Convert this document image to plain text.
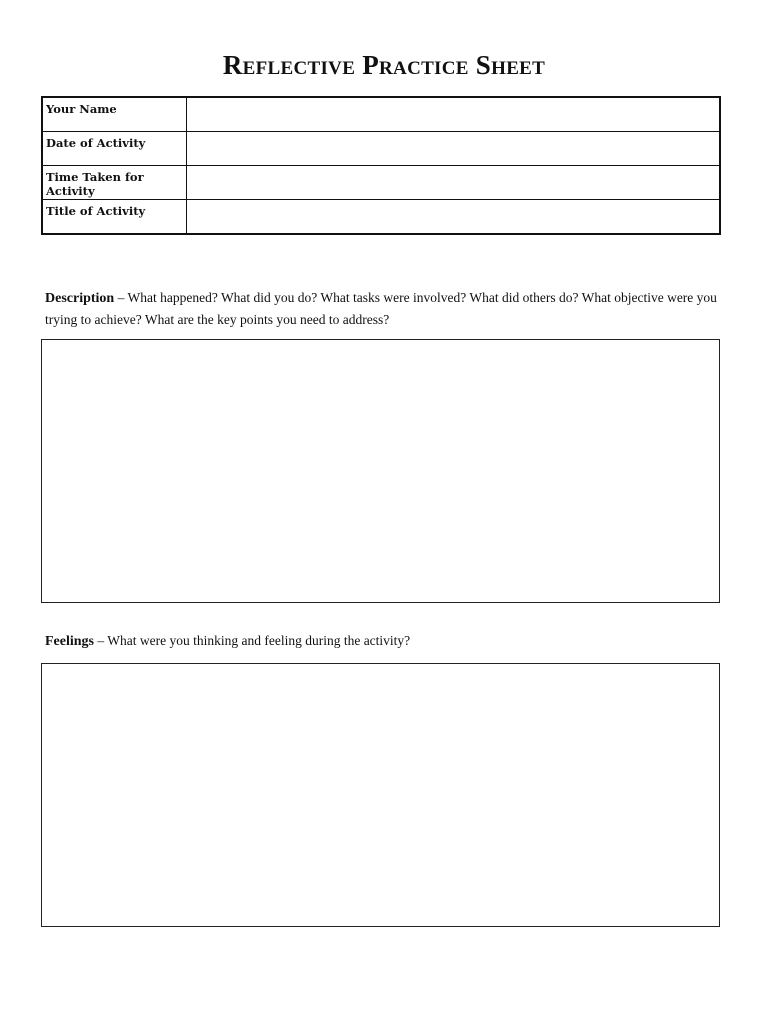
Reflective Practice Sheet
Your Name	
Date of Activity	
Time Taken for Activity	
Title of Activity	

Description – What happened? What did you do? What tasks were involved? What did others do? What objective were you trying to achieve? What are the key points you need to address?

Feelings – What were you thinking and feeling during the activity?
